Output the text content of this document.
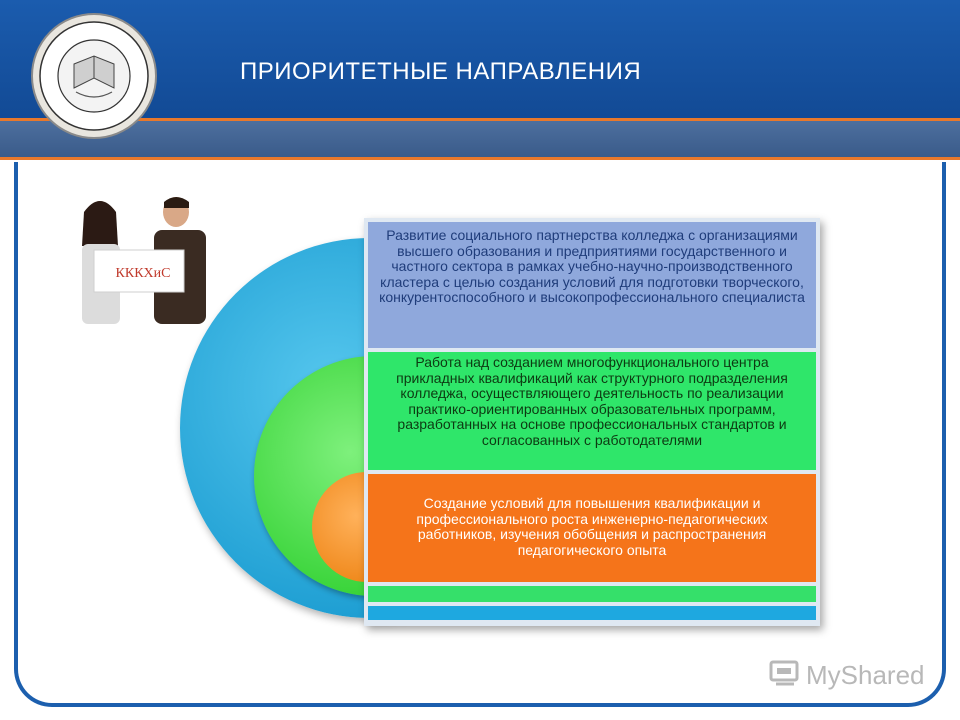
ПРИОРИТЕТНЫЕ НАПРАВЛЕНИЯ
КККХиС
Развитие социального партнерства колледжа с организациями высшего образования и предприятиями государственного и частного сектора в рамках учебно-научно-производственного кластера с целью создания условий для подготовки творческого, конкурентоспособного и высокопрофессионального специалиста
Работа над созданием многофункционального центра прикладных квалификаций как структурного подразделения колледжа, осуществляющего деятельность по реализации практико-ориентированных образовательных программ, разработанных на основе профессиональных стандартов и согласованных с работодателями
Создание условий для повышения квалификации и профессионального роста инженерно-педагогических работников, изучения обобщения и распространения педагогического опыта
MyShared
